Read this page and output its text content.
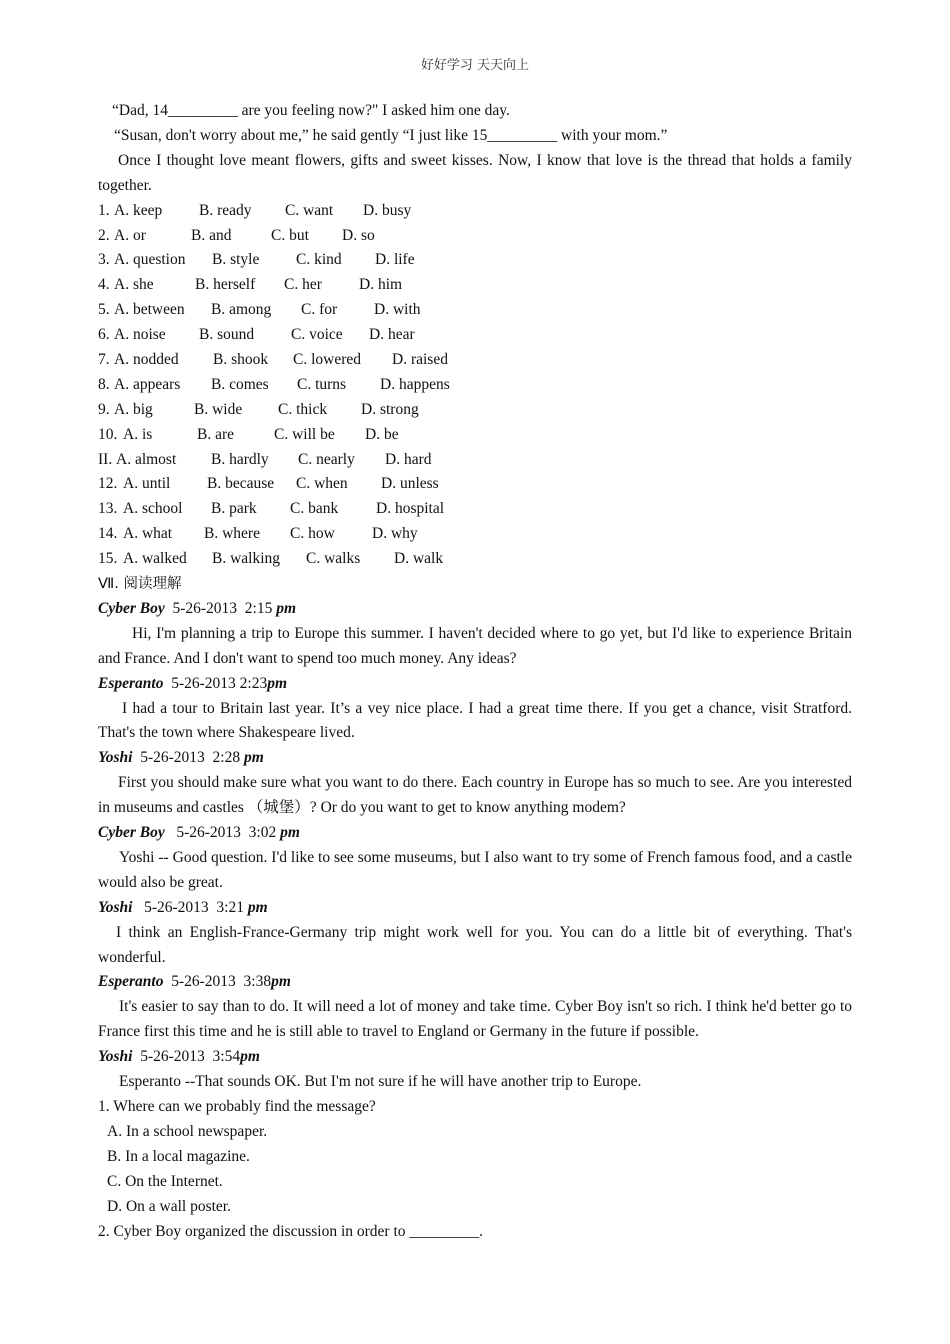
好好学习 天天向上
“Dad, 14_________ are you feeling now?" I asked him one day.
“Susan, don't worry about me,” he said gently “I just like 15_________ with your mom.”
Once I thought love meant flowers, gifts and sweet kisses. Now, I know that love is the thread that holds a family together.
1. A. keep B. ready C. want D. busy
2. A. or	B. and	C. but D. so
3. A. question B. style C. kind D. life
4. A. she	B. herself C. her D. him
5. A. between B. among C. for D. with
6. A. noise B. sound C. voice D. hear
7. A. nodded B. shook C. lowered D. raised
8. A. appears B. comes C. turns D. happens
9. A. big	B. wide C. thick D. strong
10. A. is	B. are	C. will be D. be
II. A. almost B. hardly C. nearly D. hard
12. A. until B. because C. when D. unless
13. A. school B. park C. bank D. hospital
14. A. what B. where C. how D. why
15. A. walked B. walking C. walks D. walk
Ⅶ. 阅读理解
Cyber Boy  5-26-2013  2:15 pm
Hi, I'm planning a trip to Europe this summer. I haven't decided where to go yet, but I'd like to experience Britain and France. And I don't want to spend too much money. Any ideas?
Esperanto  5-26-2013 2:23pm
I had a tour to Britain last year. It’s a vey nice place. I had a great time there. If you get a chance, visit Stratford. That's the town where Shakespeare lived.
Yoshi  5-26-2013  2:28 pm
First you should make sure what you want to do there. Each country in Europe has so much to see. Are you interested in museums and castles （城堡）? Or do you want to get to know anything modem?
Cyber Boy   5-26-2013  3:02 pm
Yoshi -- Good question. I'd like to see some museums, but I also want to try some of French famous food, and a castle would also be great.
Yoshi   5-26-2013  3:21 pm
I think an English-France-Germany trip might work well for you. You can do a little bit of everything. That's wonderful.
Esperanto  5-26-2013  3:38pm
It's easier to say than to do. It will need a lot of money and take time. Cyber Boy isn't so rich. I think he'd better go to France first this time and he is still able to travel to England or Germany in the future if possible.
Yoshi  5-26-2013  3:54pm
Esperanto --That sounds OK. But I'm not sure if he will have another trip to Europe.
1. Where can we probably find the message?
A. In a school newspaper.
B. In a local magazine.
C. On the Internet.
D. On a wall poster.
2. Cyber Boy organized the discussion in order to _________.
